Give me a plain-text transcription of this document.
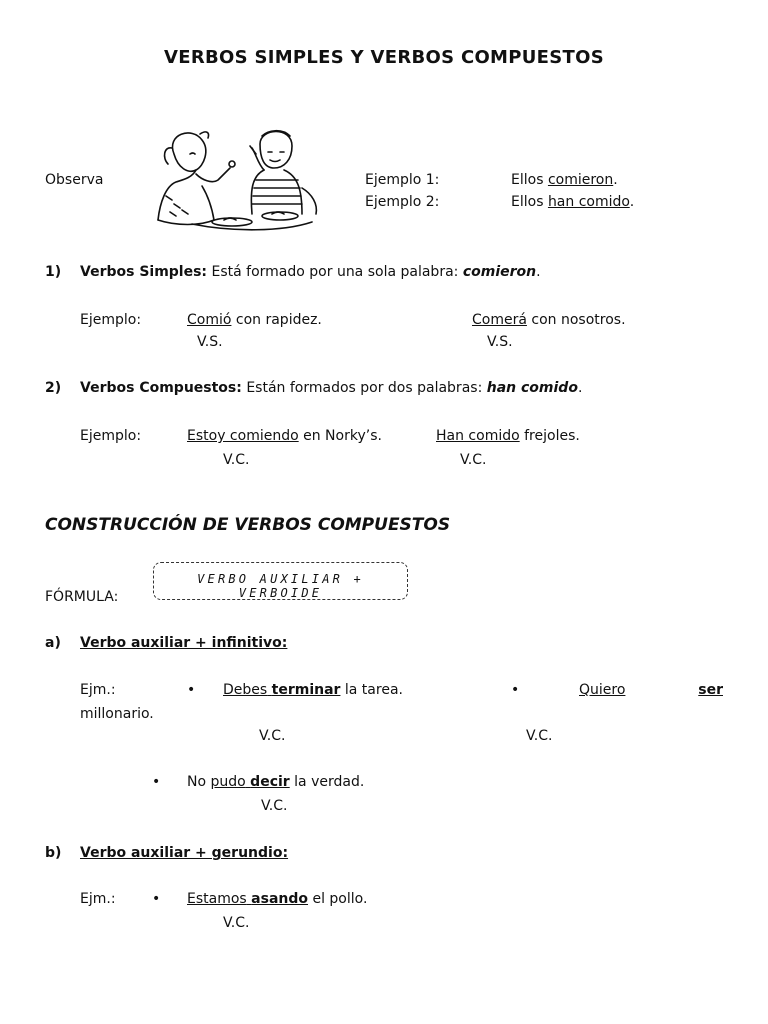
VERBOS SIMPLES Y VERBOS COMPUESTOS
Observa	Ejemplo 1:	Ellos comieron.
Ejemplo 2:	Ellos han comido.
1) Verbos Simples: Está formado por una sola palabra: comieron.
Ejemplo:	Comió con rapidez.
V.S.
Comerá con nosotros.
V.S.
2) Verbos Compuestos: Están formados por dos palabras: han comido.
Ejemplo:	Estoy comiendo en Norky’s.
V.C.
Han comido frejoles.
V.C.
CONSTRUCCIÓN DE VERBOS COMPUESTOS
FÓRMULA:
VERBO AUXILIAR + VERBOIDE
a) Verbo auxiliar + infinitivo:
Ejm.:	• Debes terminar la tarea.
V.C.
•	Quiero	ser
millonario.
V.C.
• No pudo decir la verdad.
V.C.
b) Verbo auxiliar + gerundio:
Ejm.:	• Estamos asando el pollo.
V.C.
